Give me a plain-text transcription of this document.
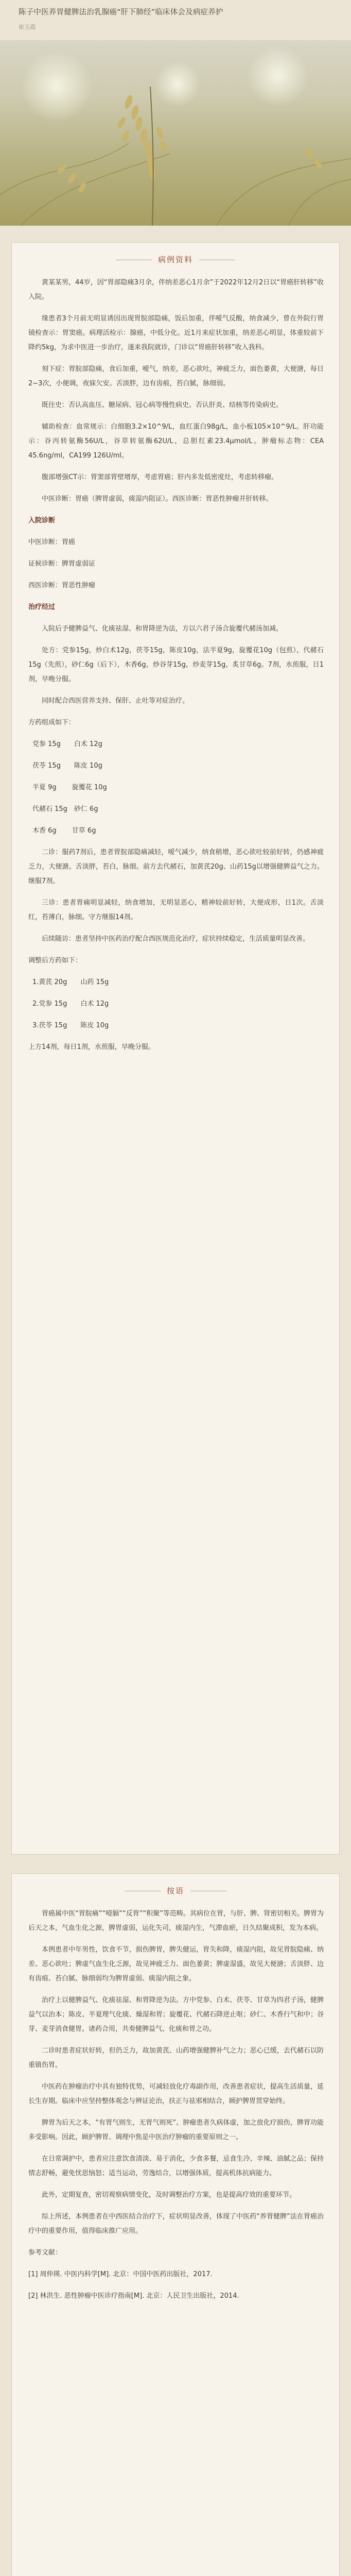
陈子中医养胃健脾法治乳腺癌“肝下肺经”临床体会及病症养护
崔玉霞
病例资料

黄某某男，44岁，因“胃部隐痛3月余，伴纳差恶心1月余”于2022年12月2日以“胃癌肝转移”收入院。

缘患者3个月前无明显诱因出现胃脘部隐痛，饭后加重，伴嗳气反酸，纳食减少，曾在外院行胃镜检查示：胃窦癌。病理活检示：腺癌，中低分化。近1月来症状加重，纳差恶心明显，体重较前下降约5kg，为求中医进一步治疗，遂来我院就诊，门诊以“胃癌肝转移”收入我科。

刻下症：胃脘部隐痛，食后加重，嗳气，纳差，恶心欲吐，神疲乏力，面色萎黄，大便溏，每日2~3次，小便调，夜寐欠安。舌淡胖，边有齿痕，苔白腻，脉细弱。

既往史：否认高血压、糖尿病、冠心病等慢性病史。否认肝炎、结核等传染病史。

辅助检查：血常规示：白细胞3.2×10^9/L，血红蛋白98g/L，血小板105×10^9/L。肝功能示：谷丙转氨酶56U/L，谷草转氨酶62U/L，总胆红素23.4μmol/L。肿瘤标志物：CEA 45.6ng/ml，CA199 126U/ml。

腹部增强CT示：胃窦部胃壁增厚，考虑胃癌；肝内多发低密度灶，考虑转移瘤。

中医诊断：胃癌（脾胃虚弱，痰湿内阻证）。西医诊断：胃恶性肿瘤并肝转移。

入院诊断

中医诊断：胃癌

证候诊断：脾胃虚弱证

西医诊断：胃恶性肿瘤

治疗经过

入院后予健脾益气、化痰祛湿、和胃降逆为法，方以六君子汤合旋覆代赭汤加减。

处方：党参15g，炒白术12g，茯苓15g，陈皮10g，法半夏9g，旋覆花10g（包煎），代赭石15g（先煎），砂仁6g（后下），木香6g，炒谷芽15g，炒麦芽15g，炙甘草6g。7剂，水煎服，日1剂，早晚分服。

同时配合西医营养支持、保肝、止吐等对症治疗。

方药组成如下：

党参 15g　　白术 12g

茯苓 15g　　陈皮 10g

半夏 9g　　 旋覆花 10g

代赭石 15g　砂仁 6g

木香 6g　　 甘草 6g

二诊：服药7剂后，患者胃脘部隐痛减轻，嗳气减少，纳食稍增，恶心欲吐较前好转，仍感神疲乏力，大便溏。舌淡胖，苔白，脉细。前方去代赭石，加黄芪20g、山药15g以增强健脾益气之力。继服7剂。

三诊：患者胃痛明显减轻，纳食增加，无明显恶心，精神较前好转，大便成形，日1次。舌淡红，苔薄白，脉细。守方继服14剂。

后续随访：患者坚持中医药治疗配合西医规范化治疗，症状持续稳定，生活质量明显改善。

调整后方药如下：

1.黄芪 20g　　山药 15g

2.党参 15g　　白术 12g

3.茯苓 15g　　陈皮 10g

上方14剂，每日1剂，水煎服，早晚分服。

按语

胃癌属中医“胃脘痛”“噎膈”“反胃”“积聚”等范畴。其病位在胃，与肝、脾、肾密切相关。脾胃为后天之本，气血生化之源，脾胃虚弱，运化失司，痰湿内生，气滞血瘀，日久结聚成积，发为本病。

本例患者中年男性，饮食不节，损伤脾胃，脾失健运，胃失和降，痰湿内阻，故见胃脘隐痛、纳差、恶心欲吐；脾虚气血生化乏源，故见神疲乏力、面色萎黄；脾虚湿盛，故见大便溏；舌淡胖、边有齿痕、苔白腻、脉细弱均为脾胃虚弱、痰湿内阻之象。

治疗上以健脾益气、化痰祛湿、和胃降逆为法。方中党参、白术、茯苓、甘草为四君子汤，健脾益气以治本；陈皮、半夏理气化痰、燥湿和胃；旋覆花、代赭石降逆止呕；砂仁、木香行气和中；谷芽、麦芽消食健胃。诸药合用，共奏健脾益气、化痰和胃之功。

二诊时患者症状好转，但仍乏力，故加黄芪、山药增强健脾补气之力；恶心已缓，去代赭石以防重镇伤胃。

中医药在肿瘤治疗中具有独特优势，可减轻放化疗毒副作用，改善患者症状，提高生活质量，延长生存期。临床中应坚持整体观念与辨证论治，扶正与祛邪相结合，顾护脾胃贯穿始终。

脾胃为后天之本，“有胃气则生，无胃气则死”。肿瘤患者久病体虚，加之放化疗损伤，脾胃功能多受影响。因此，顾护脾胃、调理中焦是中医治疗肿瘤的重要原则之一。

在日常调护中，患者应注意饮食清淡、易于消化，少食多餐，忌食生冷、辛辣、油腻之品；保持情志舒畅，避免忧思恼怒；适当运动，劳逸结合，以增强体质，提高机体抗病能力。

此外，定期复查，密切观察病情变化，及时调整治疗方案，也是提高疗效的重要环节。

综上所述，本例患者在中西医结合治疗下，症状明显改善，体现了中医药“养胃健脾”法在胃癌治疗中的重要作用，值得临床推广应用。

参考文献：

[1] 周仲瑛. 中医内科学[M]. 北京：中国中医药出版社，2017.

[2] 林洪生. 恶性肿瘤中医诊疗指南[M]. 北京：人民卫生出版社，2014.
